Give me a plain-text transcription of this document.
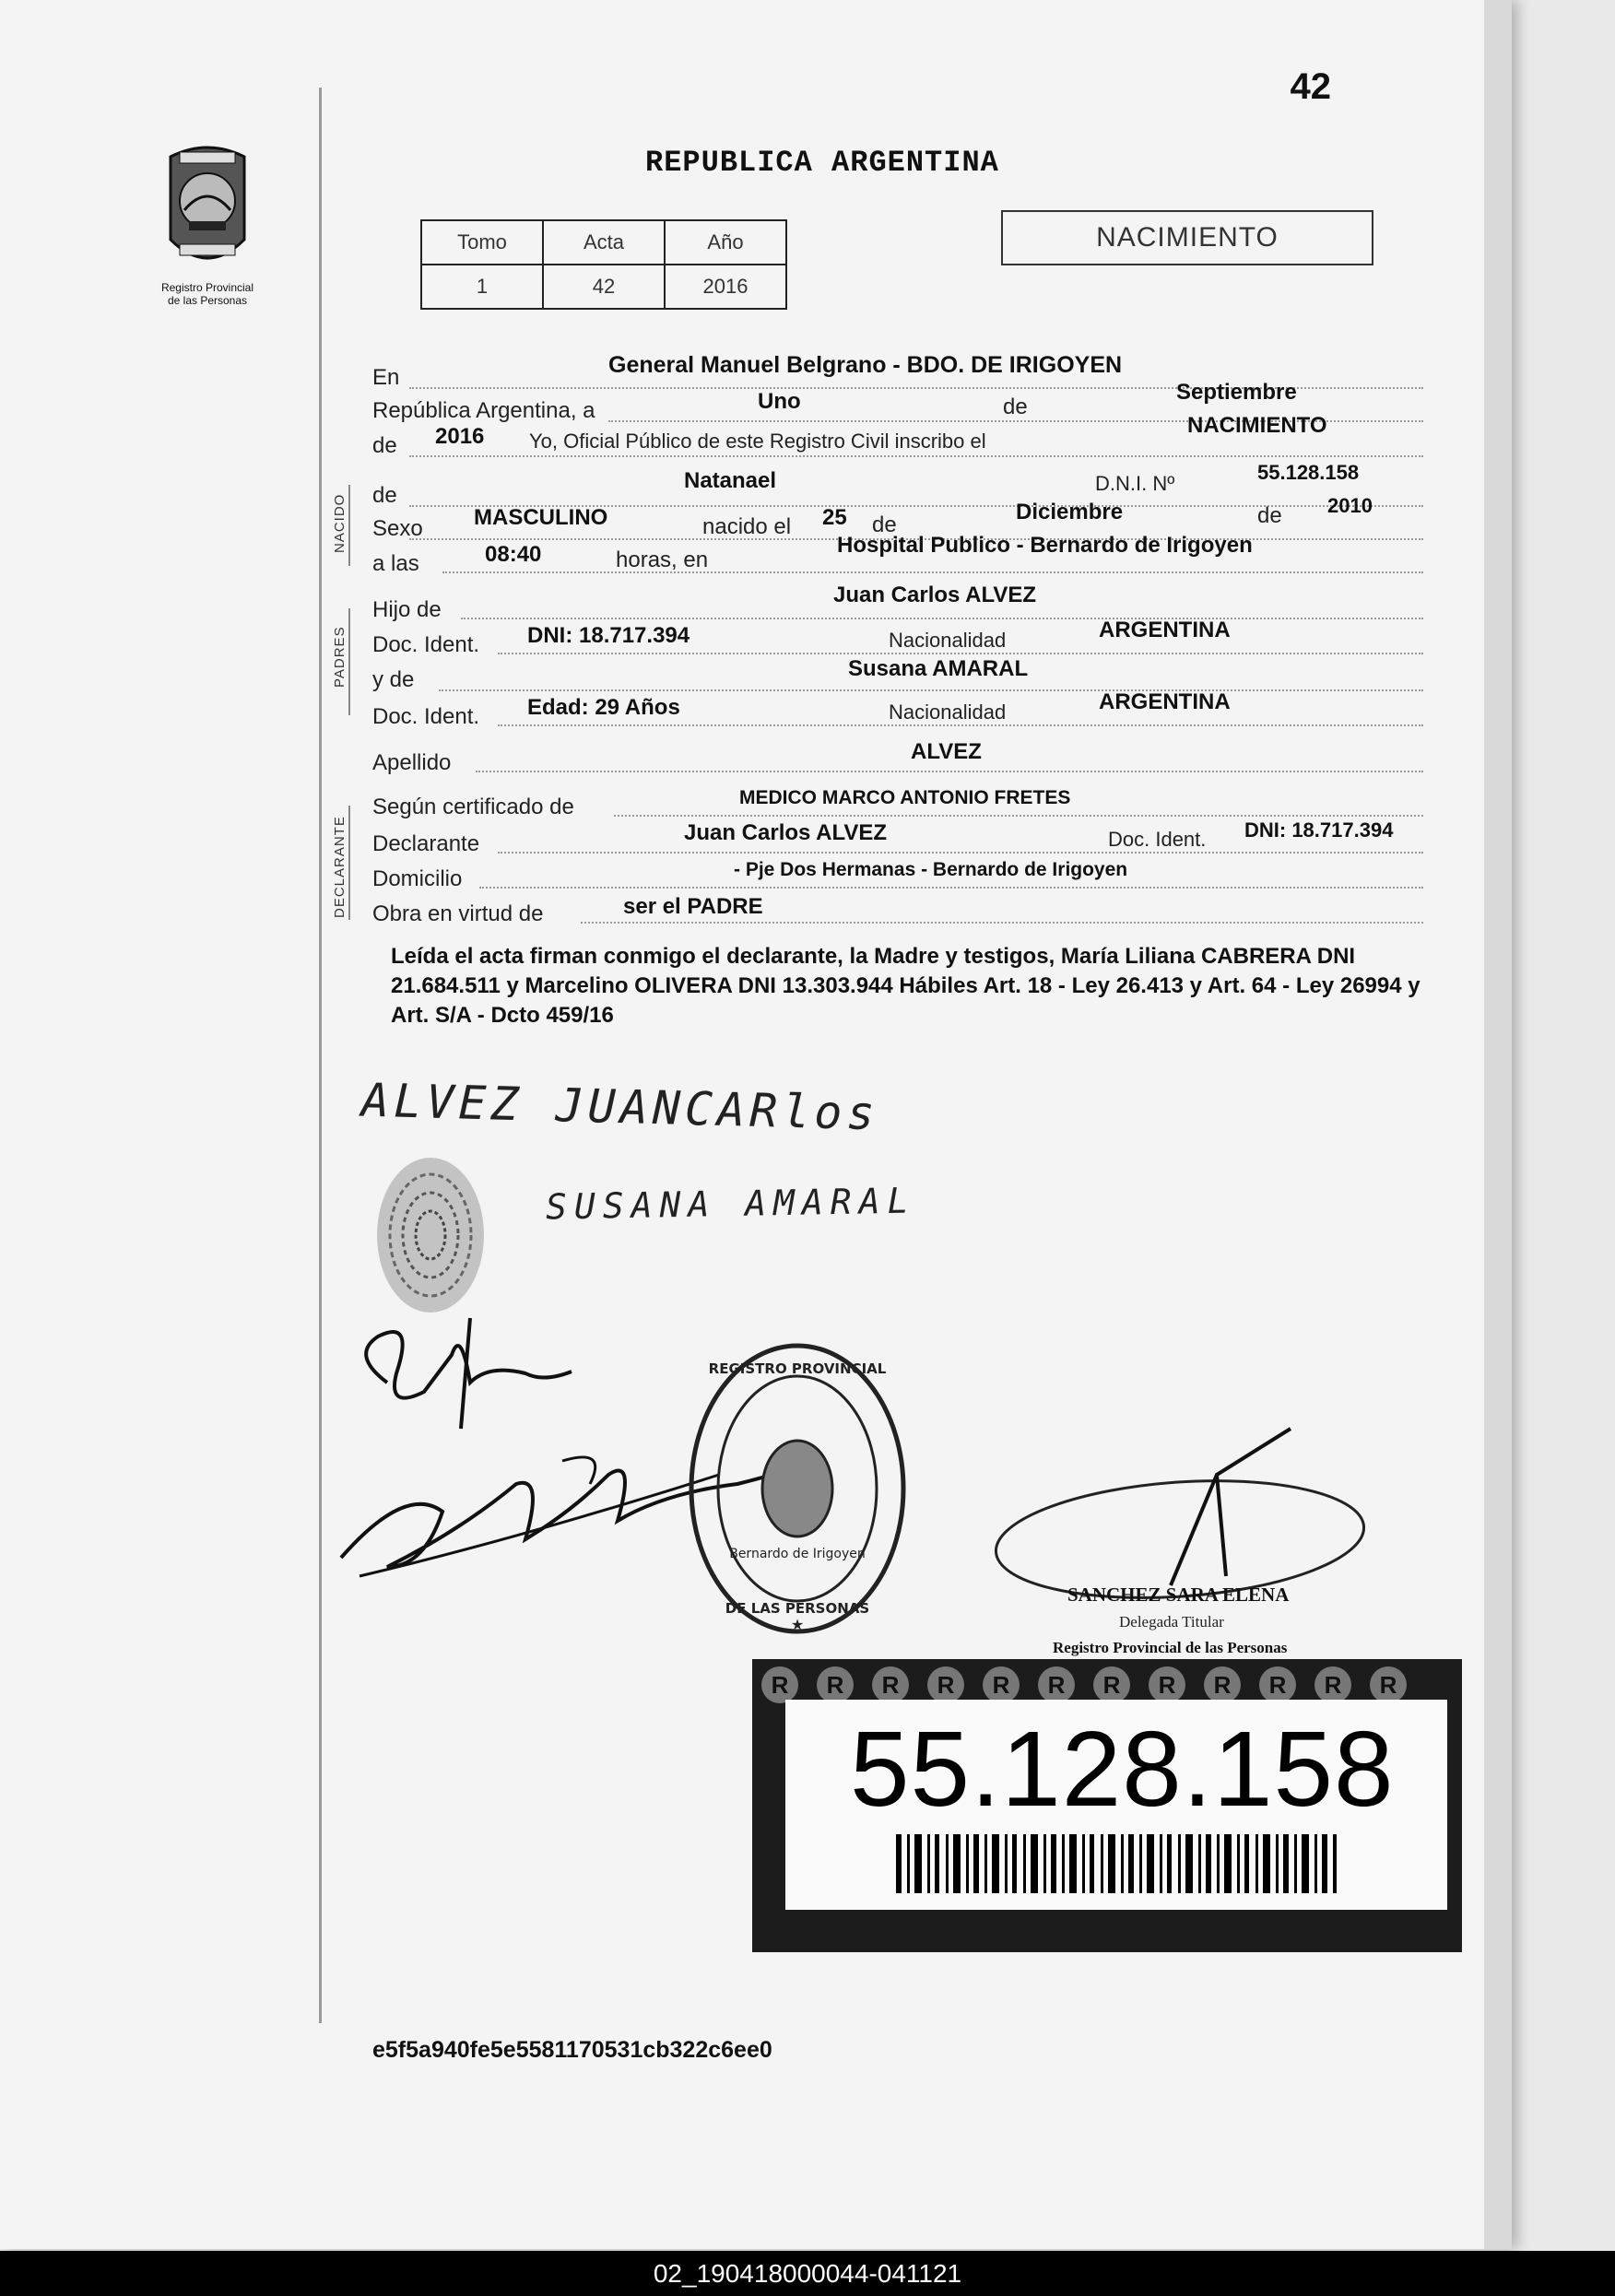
42
Registro Provincial
de las Personas
REPUBLICA ARGENTINA
Tomo	Acta	Año
1	42	2016
NACIMIENTO
En	General Manuel Belgrano - BDO. DE IRIGOYEN
República Argentina, a	Uno	de
Septiembre
de 2016 Yo, Oficial Público de este Registro Civil inscribo el
NACIMIENTO
NACIDO de
Natanael	D.N.I. Nº	55.128.158
Sexo MASCULINO	nacido el 25 de
Diciembre	de 2010
a las	08:40	horas, en
Hospital Publico - Bernardo de Irigoyen
PADRES
Hijo de
Juan Carlos ALVEZ
Doc. Ident. DNI: 18.717.394	Nacionalidad	ARGENTINA
y de	Susana AMARAL
Doc. Ident. Edad: 29 Años	Nacionalidad	ARGENTINA
Apellido	ALVEZ
DECLARANTE
Según certificado de	MEDICO MARCO ANTONIO FRETES
Declarante	Juan Carlos ALVEZ	Doc. Ident. DNI: 18.717.394
Domicilio	- Pje Dos Hermanas - Bernardo de Irigoyen
Obra en virtud de	ser el PADRE
Leída el acta firman conmigo el declarante, la Madre y testigos, María Liliana CABRERA DNI 21.684.511 y Marcelino OLIVERA DNI 13.303.944 Hábiles Art. 18 - Ley 26.413 y Art. 64 - Ley 26994 y Art. S/A - Dcto 459/16
ALVEZ JUANCARlos
SUSANA AMARAL
REGISTRO PROVINCIAL
DE LAS PERSONAS
Bernardo de Irigoyen
★
SANCHEZ SARA ELENA
Delegada Titular
Registro Provincial de las Personas
R	R	R	R	R	R	R	R	R	R	R	R
55.128.158
e5f5a940fe5e5581170531cb322c6ee0
02_190418000044-041121
